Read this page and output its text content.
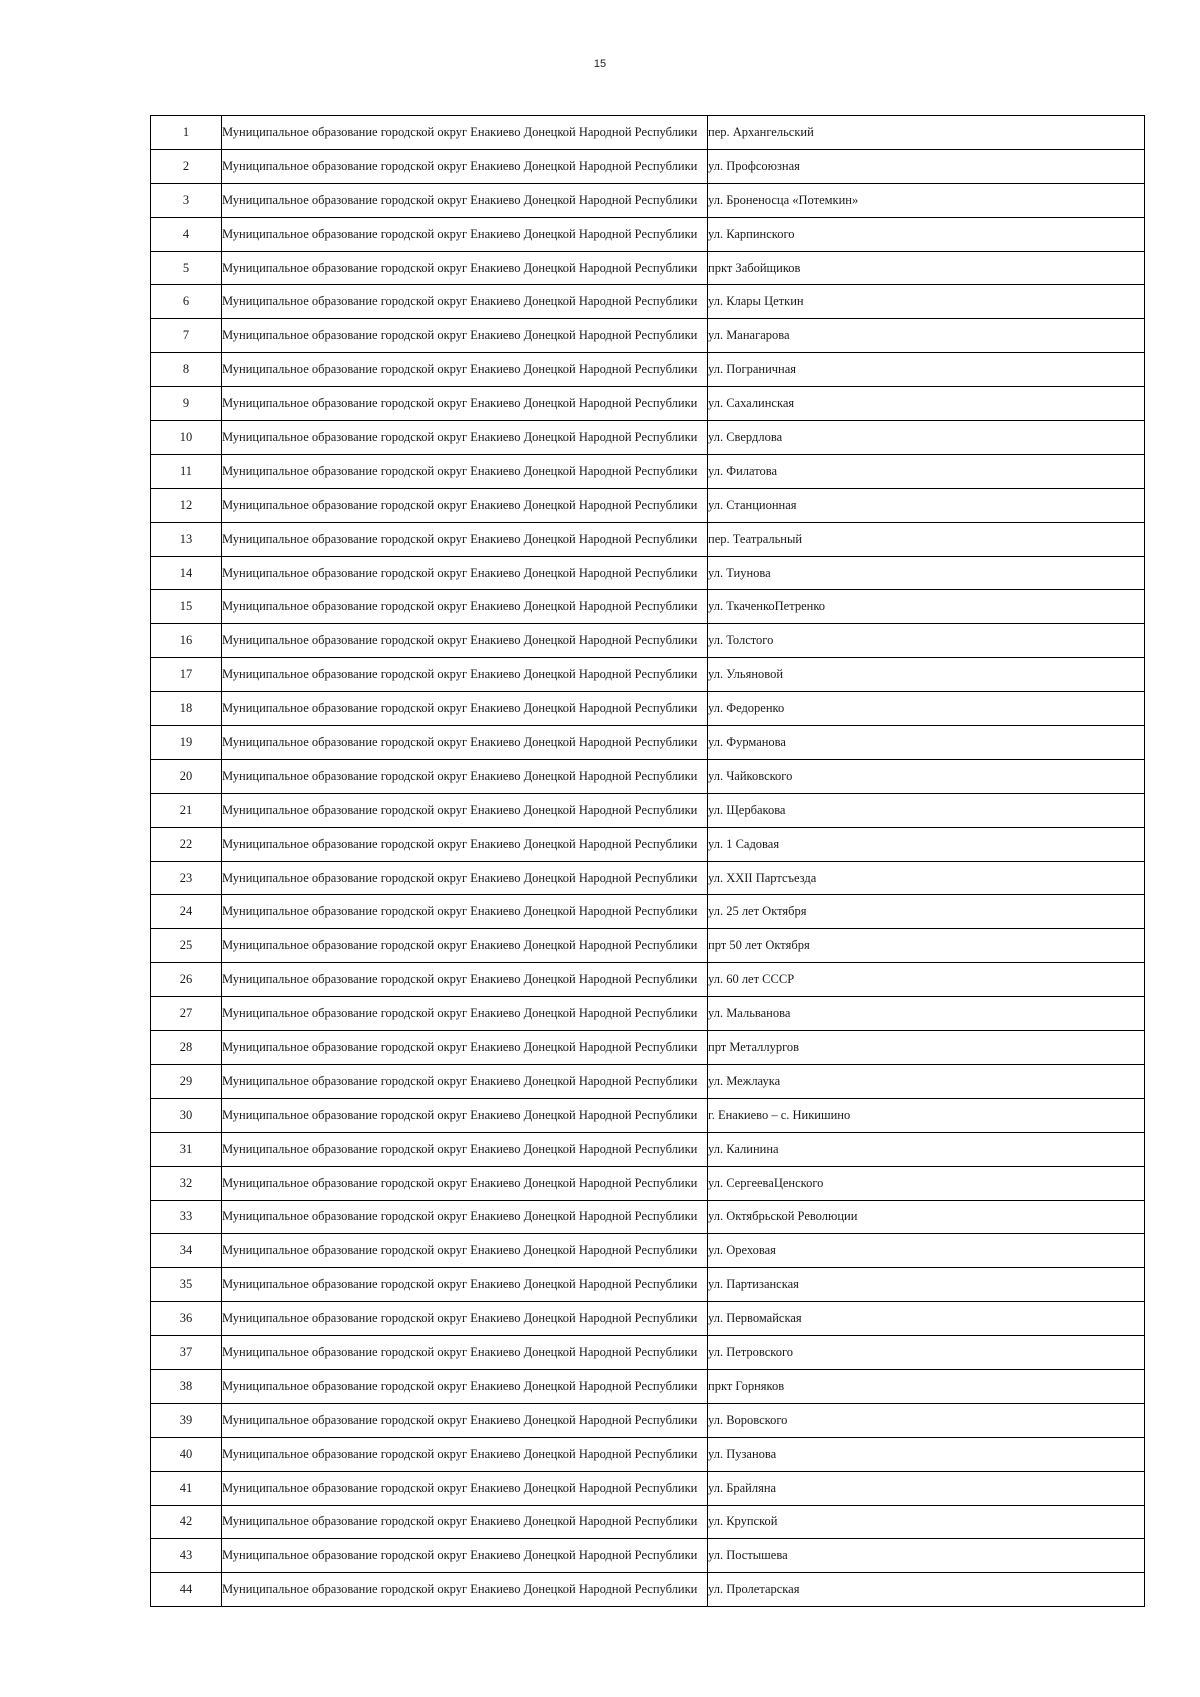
15
1	Муниципальное образование городской округ Енакиево Донецкой Народной Республики	пер. Архангельский
2	Муниципальное образование городской округ Енакиево Донецкой Народной Республики	ул. Профсоюзная
3	Муниципальное образование городской округ Енакиево Донецкой Народной Республики	ул. Броненосца «Потемкин»
4	Муниципальное образование городской округ Енакиево Донецкой Народной Республики	ул. Карпинского
5	Муниципальное образование городской округ Енакиево Донецкой Народной Республики	пркт Забойщиков
6	Муниципальное образование городской округ Енакиево Донецкой Народной Республики	ул. Клары Цеткин
7	Муниципальное образование городской округ Енакиево Донецкой Народной Республики	ул. Манагарова
8	Муниципальное образование городской округ Енакиево Донецкой Народной Республики	ул. Пограничная
9	Муниципальное образование городской округ Енакиево Донецкой Народной Республики	ул. Сахалинская
10	Муниципальное образование городской округ Енакиево Донецкой Народной Республики	ул. Свердлова
11	Муниципальное образование городской округ Енакиево Донецкой Народной Республики	ул. Филатова
12	Муниципальное образование городской округ Енакиево Донецкой Народной Республики	ул. Станционная
13	Муниципальное образование городской округ Енакиево Донецкой Народной Республики	пер. Театральный
14	Муниципальное образование городской округ Енакиево Донецкой Народной Республики	ул. Тиунова
15	Муниципальное образование городской округ Енакиево Донецкой Народной Республики	ул. ТкаченкоПетренко
16	Муниципальное образование городской округ Енакиево Донецкой Народной Республики	ул. Толстого
17	Муниципальное образование городской округ Енакиево Донецкой Народной Республики	ул. Ульяновой
18	Муниципальное образование городской округ Енакиево Донецкой Народной Республики	ул. Федоренко
19	Муниципальное образование городской округ Енакиево Донецкой Народной Республики	ул. Фурманова
20	Муниципальное образование городской округ Енакиево Донецкой Народной Республики	ул. Чайковского
21	Муниципальное образование городской округ Енакиево Донецкой Народной Республики	ул. Щербакова
22	Муниципальное образование городской округ Енакиево Донецкой Народной Республики	ул. 1 Садовая
23	Муниципальное образование городской округ Енакиево Донецкой Народной Республики	ул. XXII Партсъезда
24	Муниципальное образование городской округ Енакиево Донецкой Народной Республики	ул. 25 лет Октября
25	Муниципальное образование городской округ Енакиево Донецкой Народной Республики	прт 50 лет Октября
26	Муниципальное образование городской округ Енакиево Донецкой Народной Республики	ул. 60 лет СССР
27	Муниципальное образование городской округ Енакиево Донецкой Народной Республики	ул. Мальванова
28	Муниципальное образование городской округ Енакиево Донецкой Народной Республики	прт Металлургов
29	Муниципальное образование городской округ Енакиево Донецкой Народной Республики	ул. Межлаука
30	Муниципальное образование городской округ Енакиево Донецкой Народной Республики	г. Енакиево – с. Никишино
31	Муниципальное образование городской округ Енакиево Донецкой Народной Республики	ул. Калинина
32	Муниципальное образование городской округ Енакиево Донецкой Народной Республики	ул. СергееваЦенского
33	Муниципальное образование городской округ Енакиево Донецкой Народной Республики	ул. Октябрьской Революции
34	Муниципальное образование городской округ Енакиево Донецкой Народной Республики	ул. Ореховая
35	Муниципальное образование городской округ Енакиево Донецкой Народной Республики	ул. Партизанская
36	Муниципальное образование городской округ Енакиево Донецкой Народной Республики	ул. Первомайская
37	Муниципальное образование городской округ Енакиево Донецкой Народной Республики	ул. Петровского
38	Муниципальное образование городской округ Енакиево Донецкой Народной Республики	пркт Горняков
39	Муниципальное образование городской округ Енакиево Донецкой Народной Республики	ул. Воровского
40	Муниципальное образование городской округ Енакиево Донецкой Народной Республики	ул. Пузанова
41	Муниципальное образование городской округ Енакиево Донецкой Народной Республики	ул. Брайляна
42	Муниципальное образование городской округ Енакиево Донецкой Народной Республики	ул. Крупской
43	Муниципальное образование городской округ Енакиево Донецкой Народной Республики	ул. Постышева
44	Муниципальное образование городской округ Енакиево Донецкой Народной Республики	ул. Пролетарская
